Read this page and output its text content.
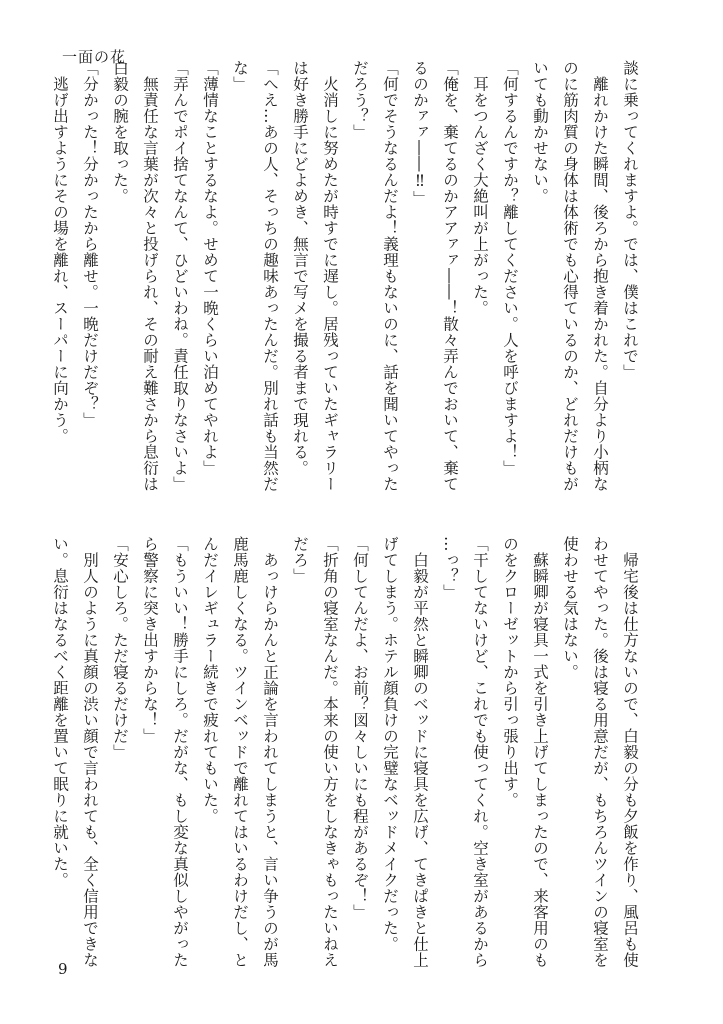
一面の花
談に乗ってくれますよ。では、僕はこれで」
　離れかけた瞬間、後ろから抱き着かれた。自分より小柄な
のに筋肉質の身体は体術でも心得ているのか、どれだけもが
いても動かせない。
「何するんですか？離してください。人を呼びますよ！」
　耳をつんざく大絶叫が上がった。
「俺を、棄てるのかアアァァ――！散々弄んでおいて、棄て
るのかァァ――‼」
「何でそうなるんだよ！義理もないのに、話を聞いてやった
だろう？」
　火消しに努めたが時すでに遅し。居残っていたギャラリー
は好き勝手にどよめき、無言で写メを撮る者まで現れる。
「へえ…あの人、そっちの趣味あったんだ。別れ話も当然だ
な」
「薄情なことするなよ。せめて一晩くらい泊めてやれよ」
「弄んでポイ捨てなんて、ひどいわね。責任取りなさいよ」
　無責任な言葉が次々と投げられ、その耐え難さから息衍は
白毅の腕を取った。
「分かった！分かったから離せ。一晩だけだぞ？」
　逃げ出すようにその場を離れ、スーパーに向かう。
　帰宅後は仕方ないので、白毅の分も夕飯を作り、風呂も使
わせてやった。後は寝る用意だが、もちろんツインの寝室を
使わせる気はない。
　蘇瞬卿が寝具一式を引き上げてしまったので、来客用のも
のをクローゼットから引っ張り出す。
「干してないけど、これでも使ってくれ。空き室があるから
…っ？」
　白毅が平然と瞬卿のベッドに寝具を広げ、てきぱきと仕上
げてしまう。ホテル顔負けの完璧なベッドメイクだった。
「何してんだよ、お前？図々しいにも程があるぞ！」
「折角の寝室なんだ。本来の使い方をしなきゃもったいねえ
だろ」
　あっけらかんと正論を言われてしまうと、言い争うのが馬
鹿馬鹿しくなる。ツインベッドで離れてはいるわけだし、と
んだイレギュラー続きで疲れてもいた。
「もういい！勝手にしろ。だがな、もし変な真似しやがった
ら警察に突き出すからな！」
「安心しろ。ただ寝るだけだ」
　別人のように真顔の渋い顔で言われても、全く信用できな
い。息衍はなるべく距離を置いて眠りに就いた。
9
